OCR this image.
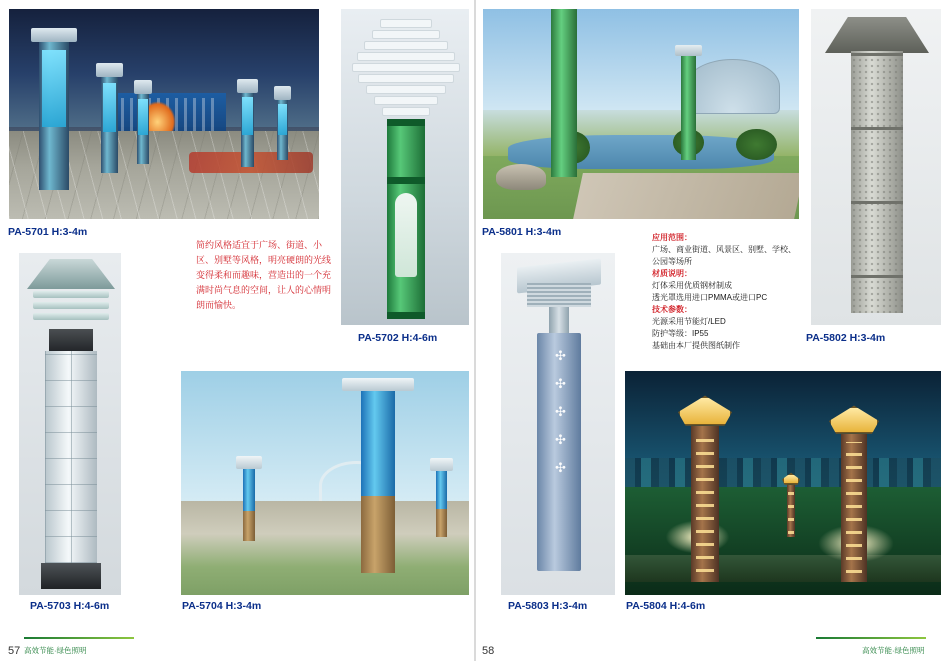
PA-5701 H:3-4m
PA-5702 H:4-6m
PA-5801 H:3-4m
PA-5802 H:3-4m
PA-5703 H:4-6m	PA-5704 H:3-4m
✣
✣
✣
✣
✣
PA-5803 H:3-4m	PA-5804 H:4-6m
简约风格适宜于广场、街道、小区、别墅等风格，明亮硬朗的光线变得柔和而趣味，营造出的一个充满时尚气息的空间，让人的心情明朗而愉快。
应用范围：
广场、商业街道、风景区、别墅、学校、公园等场所
材质说明：
灯体采用优质钢材制成
透光罩选用进口PMMA或进口PC
技术参数：
光源采用节能灯/LED
防护等级：IP55
基础由本厂提供图纸制作
57	58
高效节能·绿色照明	高效节能·绿色照明
